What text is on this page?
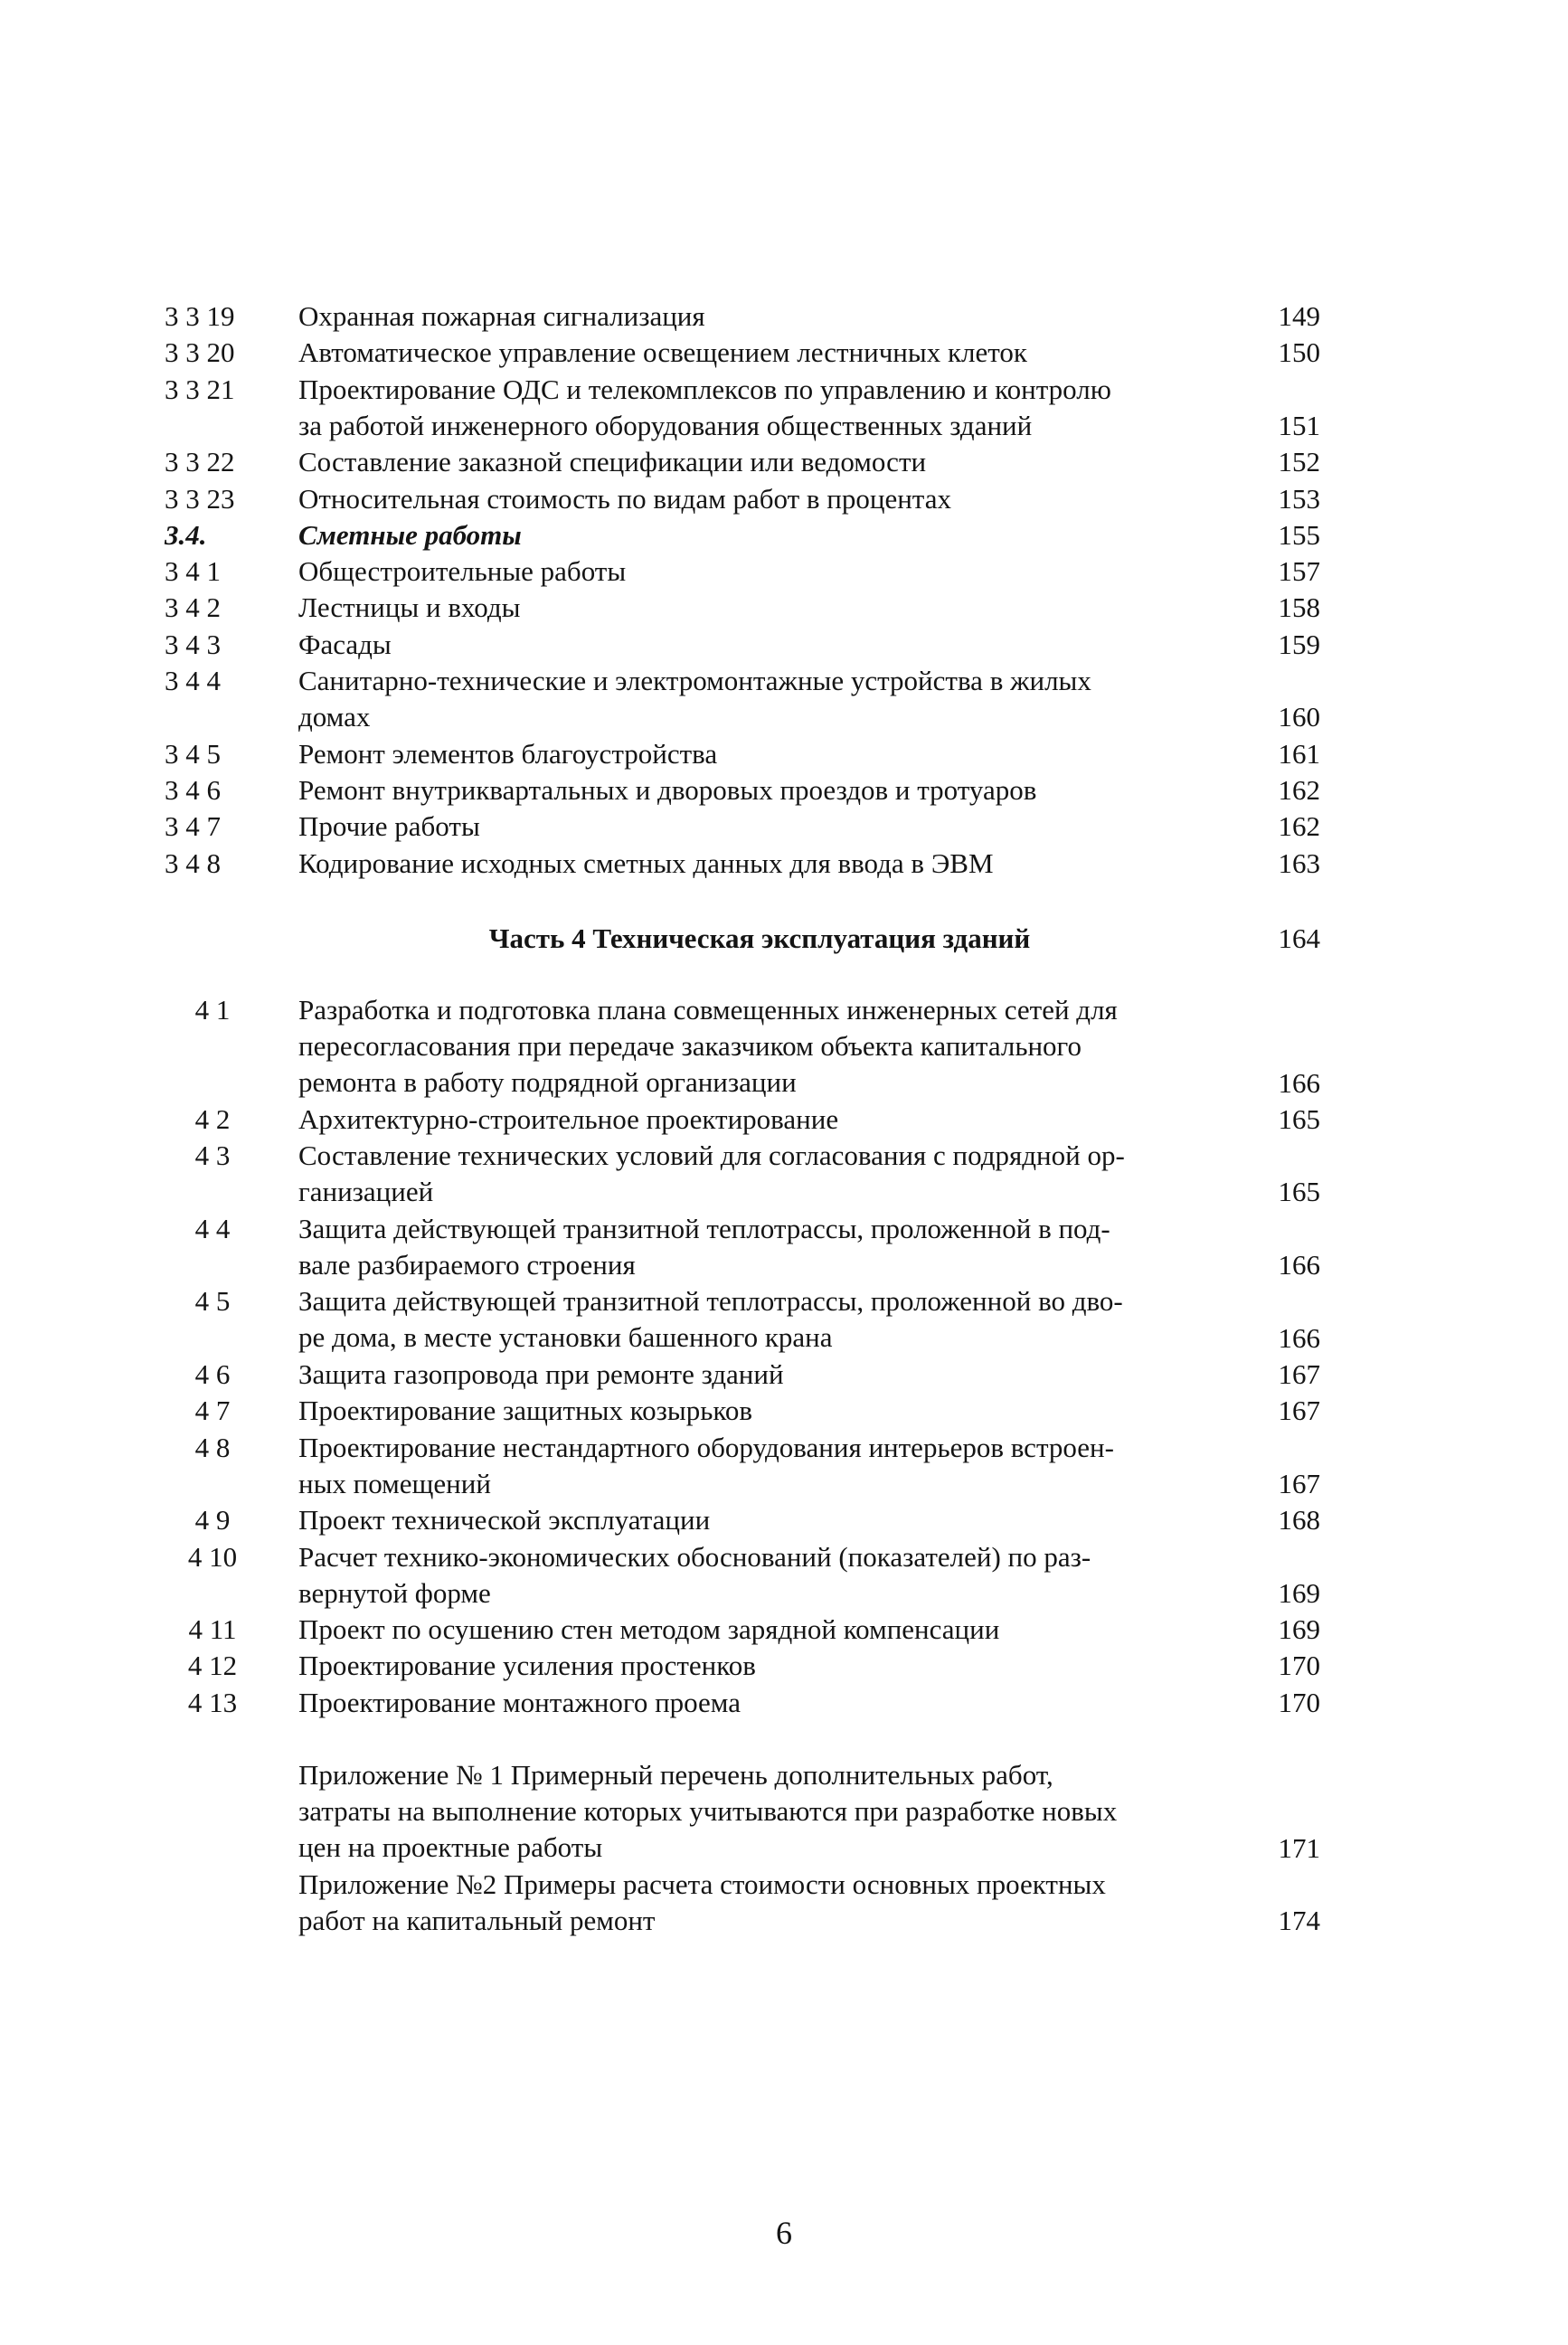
3 3 19	Охранная пожарная сигнализация	149
3 3 20	Автоматическое управление освещением лестничных клеток	150
3 3 21	Проектирование ОДС и телекомплексов по управлению и контролю
за работой инженерного оборудования общественных зданий	151
3 3 22	Составление заказной спецификации или ведомости	152
3 3 23	Относительная стоимость по видам работ в процентах	153
3.4.	Сметные работы	155
3 4 1	Общестроительные работы	157
3 4 2	Лестницы и входы	158
3 4 3	Фасады	159
3 4 4	Санитарно-технические и электромонтажные устройства в жилых
домах	160
3 4 5	Ремонт элементов благоустройства	161
3 4 6	Ремонт внутриквартальных и дворовых проездов и тротуаров	162
3 4 7	Прочие работы	162
3 4 8	Кодирование исходных сметных данных для ввода в ЭВМ	163
Часть 4 Техническая эксплуатация зданий	164
4 1	Разработка и подготовка плана совмещенных инженерных сетей для
пересогласования при передаче заказчиком объекта капитального
ремонта в работу подрядной организации	166
4 2	Архитектурно-строительное проектирование	165
4 3	Составление технических условий для согласования с подрядной ор-
ганизацией	165
4 4	Защита действующей транзитной теплотрассы, проложенной в под-
вале разбираемого строения	166
4 5	Защита действующей транзитной теплотрассы, проложенной во дво-
ре дома, в месте установки башенного крана	166
4 6	Защита газопровода при ремонте зданий	167
4 7	Проектирование защитных козырьков	167
4 8	Проектирование нестандартного оборудования интерьеров встроен-
ных помещений	167
4 9	Проект технической эксплуатации	168
4 10	Расчет технико-экономических обоснований (показателей) по раз-
вернутой форме	169
4 11	Проект по осушению стен методом зарядной компенсации	169
4 12	Проектирование усиления простенков	170
4 13	Проектирование монтажного проема	170
Приложение № 1 Примерный перечень дополнительных работ,
затраты на выполнение которых учитываются при разработке новых
цен на проектные работы	171
Приложение №2 Примеры расчета стоимости основных проектных
работ на капитальный ремонт	174
6
